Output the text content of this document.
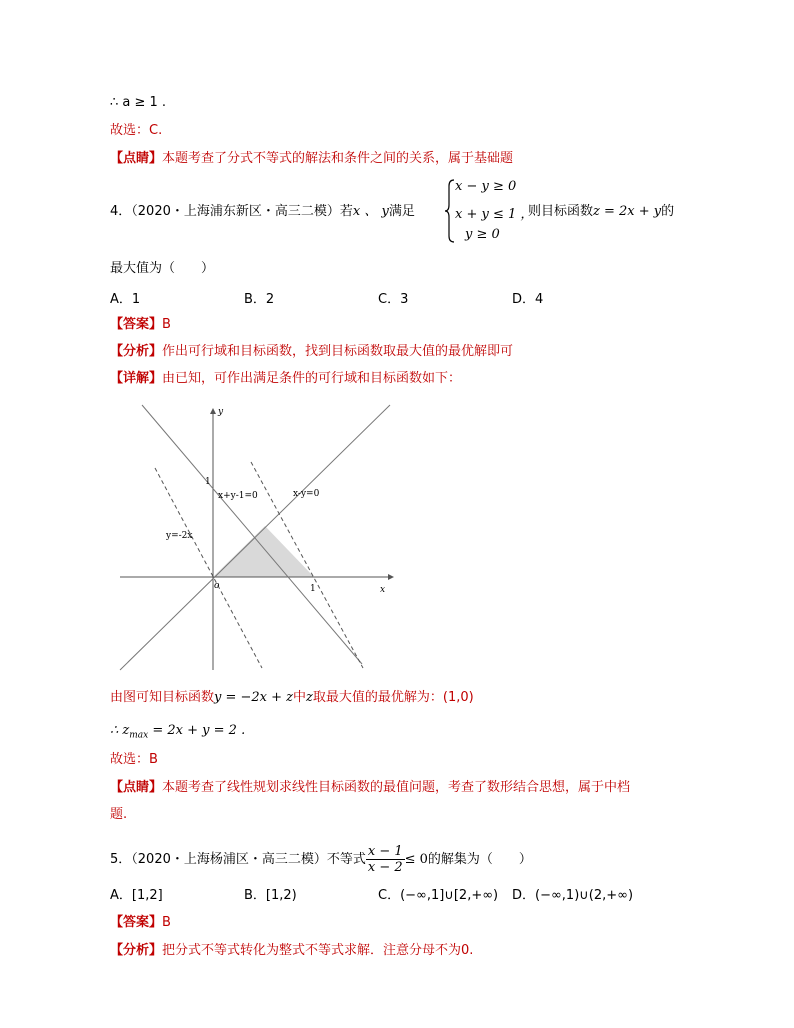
∴ a ≥ 1 .
故选：C.
【点睛】本题考查了分式不等式的解法和条件之间的关系，属于基础题
4．（2020・上海浦东新区・高三二模）若x 、 y满足
x − y ≥ 0
x + y ≤ 1 ，
y ≥ 0
则目标函数z = 2x + y的
最大值为（　　）
A．1	B．2	C．3	D．4
【答案】B
【分析】作出可行域和目标函数，找到目标函数取最大值的最优解即可
【详解】由已知，可作出满足条件的可行域和目标函数如下：
y
x
o	1
1
x+y-1=0	x-y=0
y=-2x
由图可知目标函数y = −2x + z中z取最大值的最优解为：(1,0)
∴ $z_{max} = 2x + y = 2$ .
故选：B
【点睛】本题考查了线性规划求线性目标函数的最值问题，考查了数形结合思想，属于中档
题.
5．（2020・上海杨浦区・高三二模）不等式 $\frac{x - 1}{x - 2} \le 0$的解集为（　　）
A．[1,2]	B．[1,2)	C．(−∞,1]∪[2,+∞) D．(−∞,1)∪(2,+∞)
【答案】B
【分析】把分式不等式转化为整式不等式求解．注意分母不为0.
